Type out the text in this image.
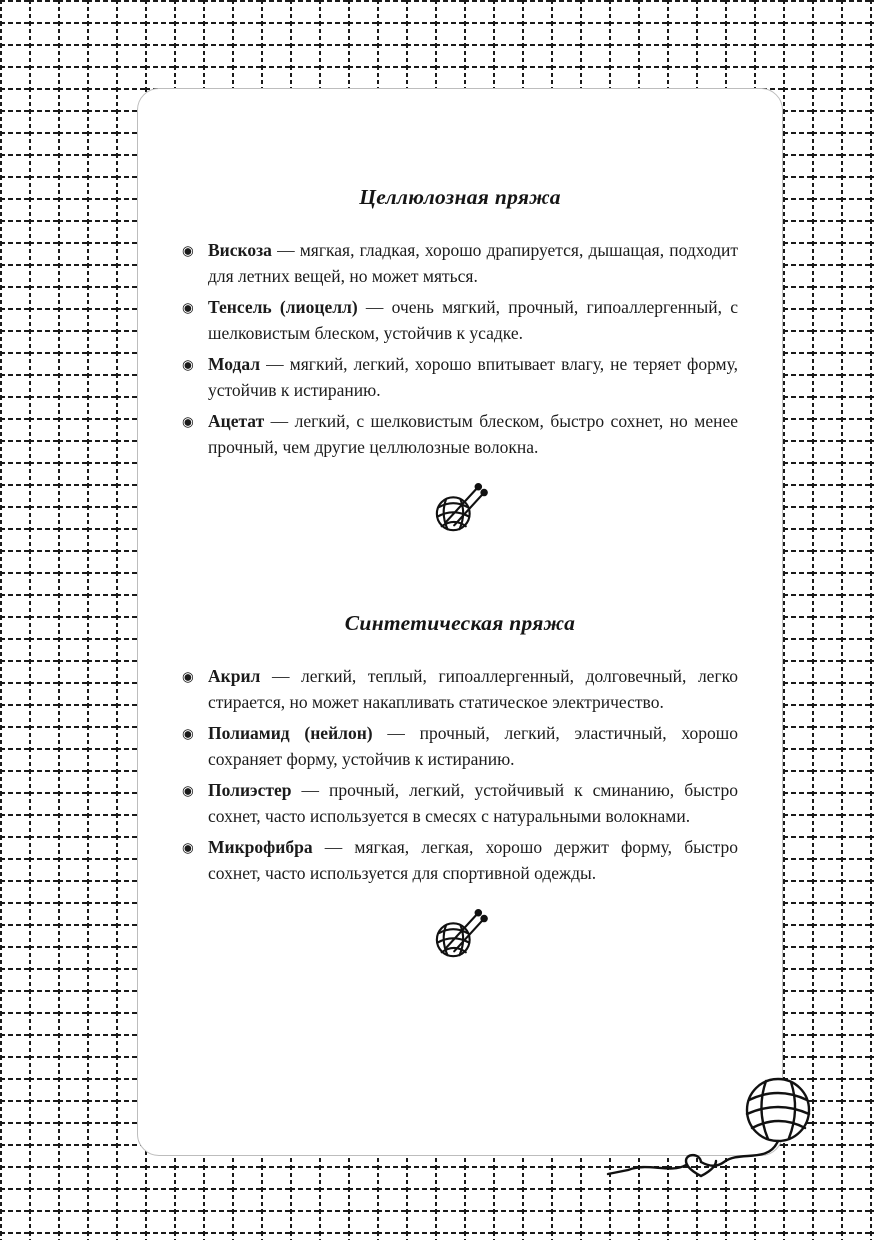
Целлюлозная пряжа
◉ Вискоза — мягкая, гладкая, хорошо драпируется, дышащая, подходит для летних вещей, но может мяться.

◉ Тенсель (лиоцелл) — очень мягкий, прочный, гипоаллергенный, с шелковистым блеском, устойчив к усадке.

◉ Модал — мягкий, легкий, хорошо впитывает влагу, не теряет форму, устойчив к истиранию.

◉ Ацетат — легкий, с шелковистым блеском, быстро сохнет, но менее прочный, чем другие целлюлозные волокна.

Синтетическая пряжа
◉ Акрил — легкий, теплый, гипоаллергенный, долговечный, легко стирается, но может накапливать статическое электричество.

◉ Полиамид (нейлон) — прочный, легкий, эластичный, хорошо сохраняет форму, устойчив к истиранию.

◉ Полиэстер — прочный, легкий, устойчивый к сминанию, быстро сохнет, часто используется в смесях с натуральными волокнами.

◉ Микрофибра — мягкая, легкая, хорошо держит форму, быстро сохнет, часто используется для спортивной одежды.
